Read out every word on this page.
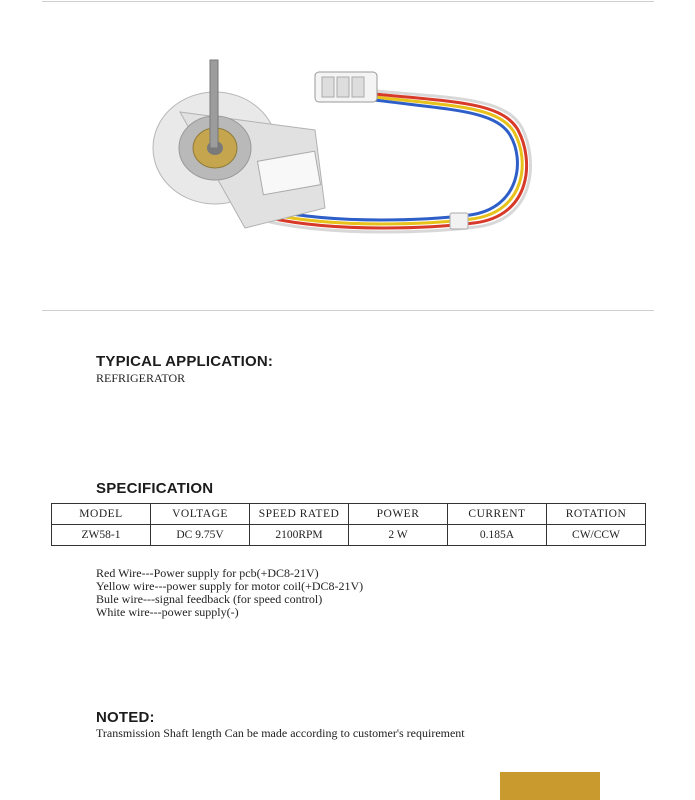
TYPICAL APPLICATION:
REFRIGERATOR
SPECIFICATION
MODEL	VOLTAGE	SPEED RATED	POWER	CURRENT	ROTATION
ZW58-1	DC 9.75V	2100RPM	2 W	0.185A	CW/CCW
Red Wire---Power supply for pcb(+DC8-21V)
Yellow wire---power supply for motor coil(+DC8-21V)
Bule wire---signal feedback (for speed control)
White wire---power supply(-)
NOTED:
Transmission Shaft length Can be made according to customer's requirement
